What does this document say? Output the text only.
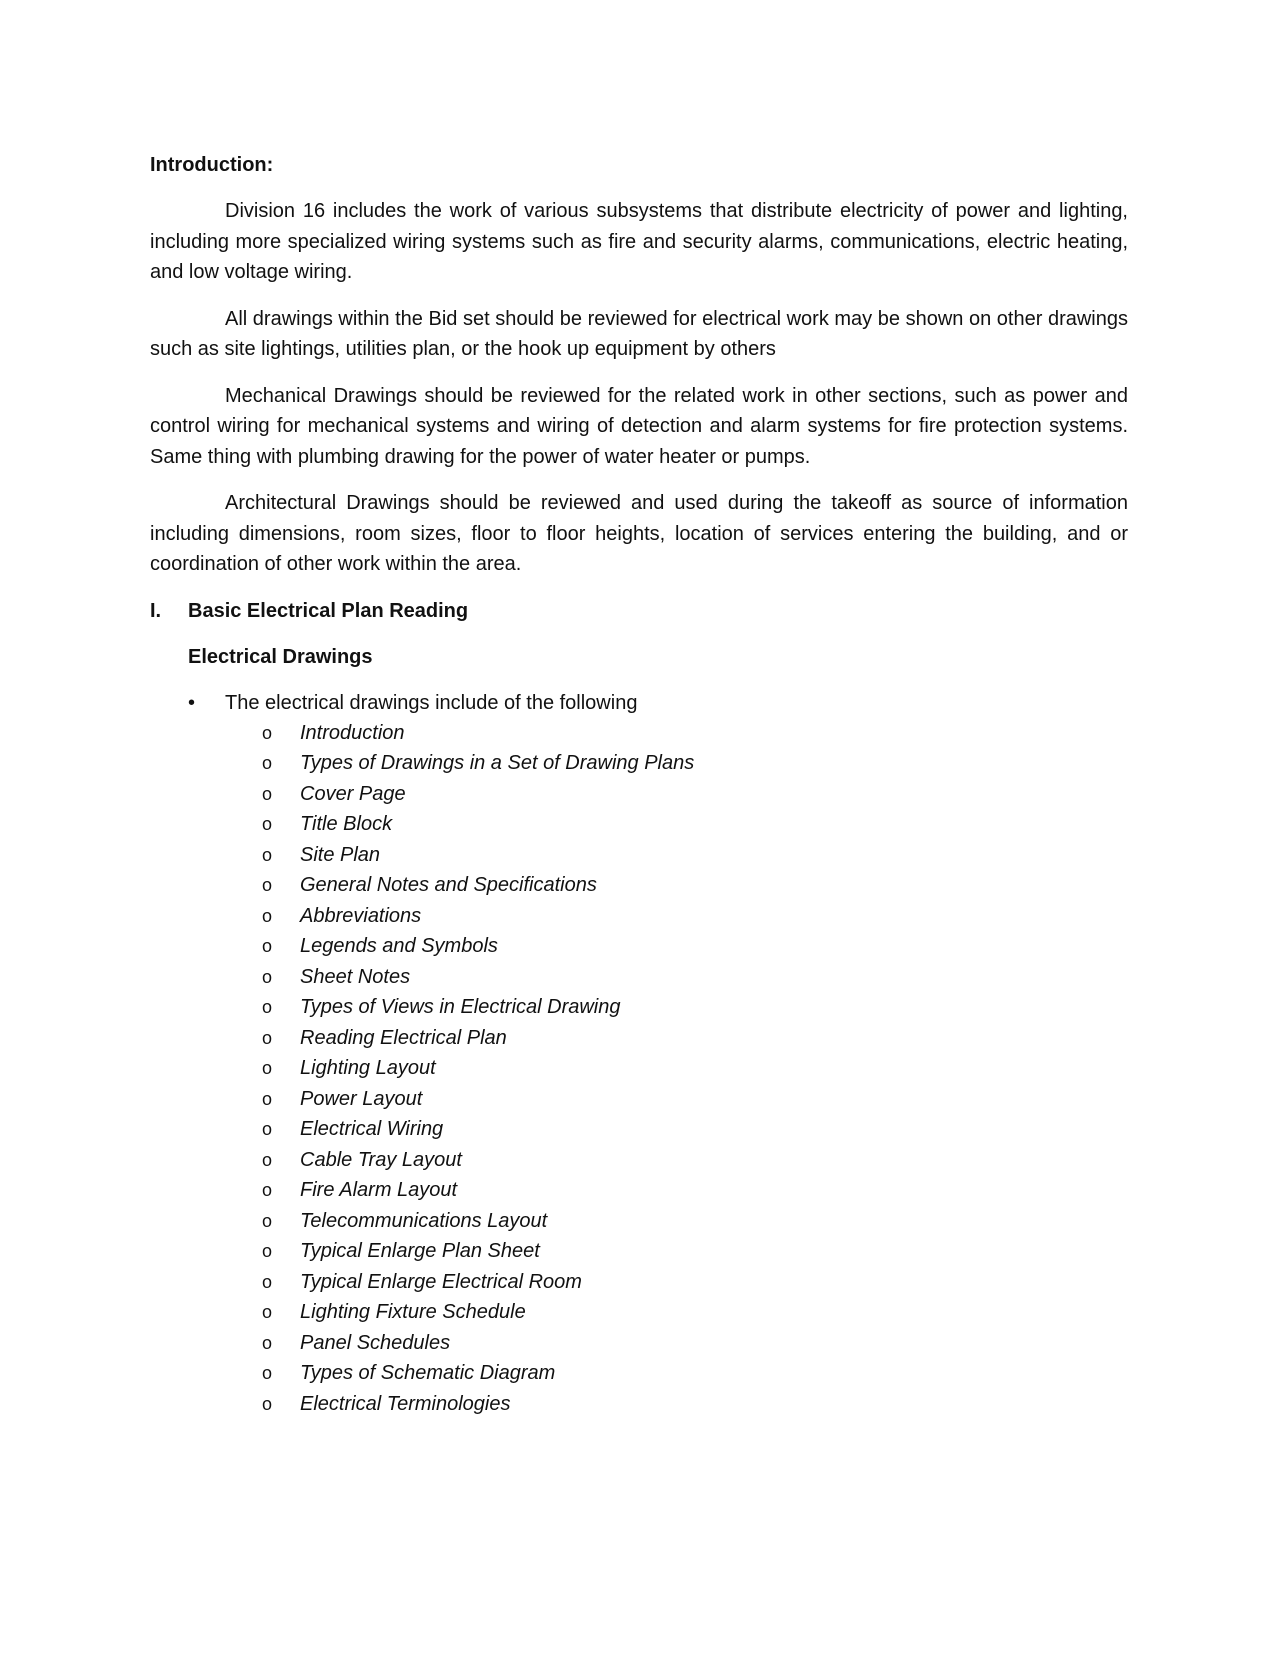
Introduction:

Division 16 includes the work of various subsystems that distribute electricity of power and lighting, including more specialized wiring systems such as fire and security alarms, communications, electric heating, and low voltage wiring.

All drawings within the Bid set should be reviewed for electrical work may be shown on other drawings such as site lightings, utilities plan, or the hook up equipment by others

Mechanical Drawings should be reviewed for the related work in other sections, such as power and control wiring for mechanical systems and wiring of detection and alarm systems for fire protection systems. Same thing with plumbing drawing for the power of water heater or pumps.

Architectural Drawings should be reviewed and used during the takeoff as source of information including dimensions, room sizes, floor to floor heights, location of services entering the building, and or coordination of other work within the area.

I.	Basic Electrical Plan Reading
Electrical Drawings
•	The electrical drawings include of the following
o	Introduction
o	Types of Drawings in a Set of Drawing Plans
o	Cover Page
o	Title Block
o	Site Plan
o	General Notes and Specifications
o	Abbreviations
o	Legends and Symbols
o	Sheet Notes
o	Types of Views in Electrical Drawing
o	Reading Electrical Plan
o	Lighting Layout
o	Power Layout
o	Electrical Wiring
o	Cable Tray Layout
o	Fire Alarm Layout
o	Telecommunications Layout
o	Typical Enlarge Plan Sheet
o	Typical Enlarge Electrical Room
o	Lighting Fixture Schedule
o	Panel Schedules
o	Types of Schematic Diagram
o	Electrical Terminologies
